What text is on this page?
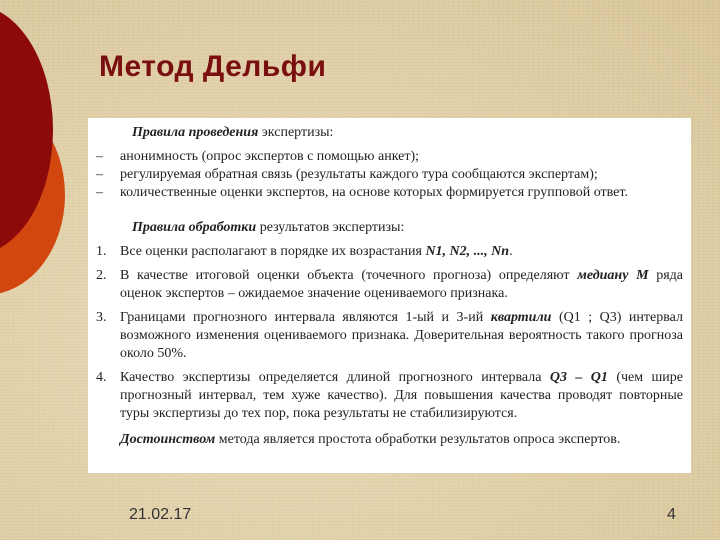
Метод Дельфи
Правила проведения экспертизы:
– анонимность (опрос экспертов с помощью анкет);
– регулируемая обратная связь (результаты каждого тура сообщаются экспертам);
– количественные оценки экспертов, на основе которых формируется групповой ответ.
Правила обработки результатов экспертизы:
1. Все оценки располагают в порядке их возрастания N1, N2, ..., Nn.
2. В качестве итоговой оценки объекта (точечного прогноза) определяют медиану M ряда оценок экспертов – ожидаемое значение оцениваемого признака.
3. Границами прогнозного интервала являются 1-ый и 3-ий квартили (Q1 ; Q3) интервал возможного изменения оцениваемого признака. Доверительная вероятность такого прогноза около 50%.
4. Качество экспертизы определяется длиной прогнозного интервала Q3 – Q1 (чем шире прогнозный интервал, тем хуже качество). Для повышения качества проводят повторные туры экспертизы до тех пор, пока результаты не стабилизируются.
Достоинством метода является простота обработки результатов опроса экспертов.
21.02.17	4
